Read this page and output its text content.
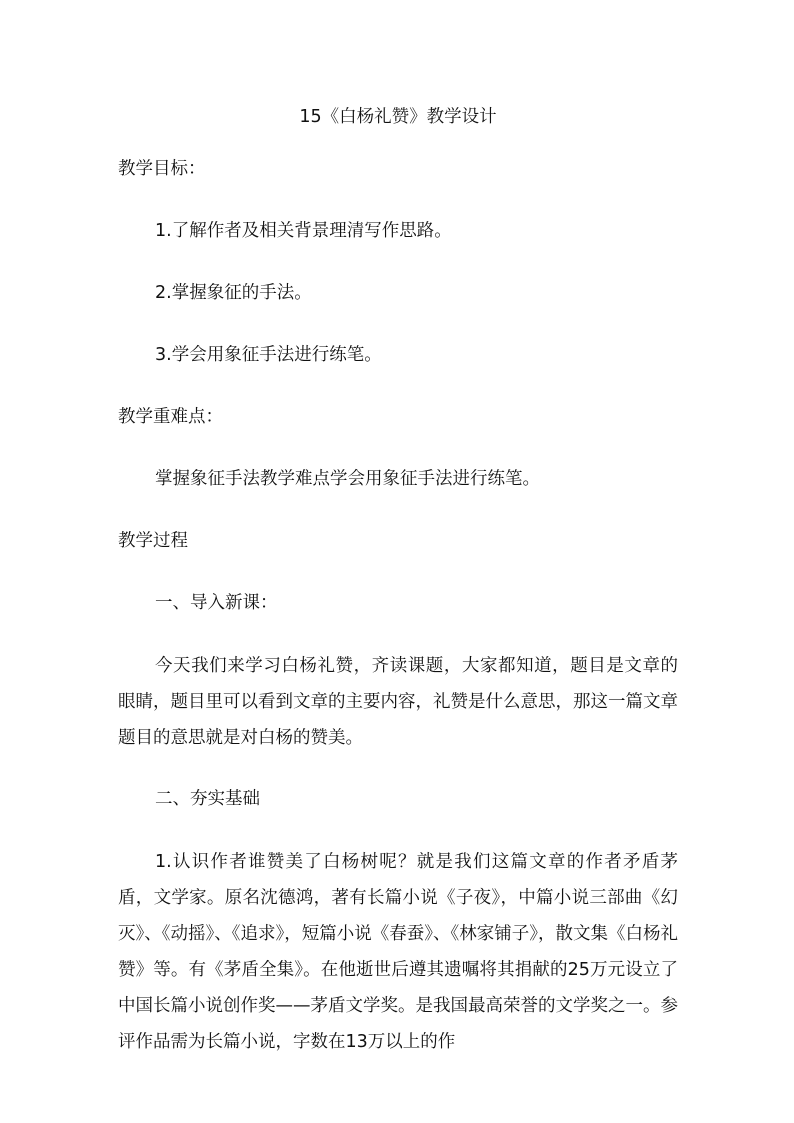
15《白杨礼赞》教学设计

教学目标：

1.了解作者及相关背景理清写作思路。

2.掌握象征的手法。

3.学会用象征手法进行练笔。

教学重难点：

掌握象征手法教学难点学会用象征手法进行练笔。

教学过程

一、导入新课：

今天我们来学习白杨礼赞，齐读课题，大家都知道，题目是文章的眼睛，题目里可以看到文章的主要内容，礼赞是什么意思，那这一篇文章题目的意思就是对白杨的赞美。

二、夯实基础

1.认识作者谁赞美了白杨树呢？就是我们这篇文章的作者矛盾茅盾，文学家。原名沈德鸿，著有长篇小说《子夜》，中篇小说三部曲《幻灭》、《动摇》、《追求》，短篇小说《春蚕》、《林家铺子》，散文集《白杨礼赞》等。有《茅盾全集》。在他逝世后遵其遗嘱将其捐献的25万元设立了中国长篇小说创作奖——茅盾文学奖。是我国最高荣誉的文学奖之一。参评作品需为长篇小说，字数在13万以上的作
